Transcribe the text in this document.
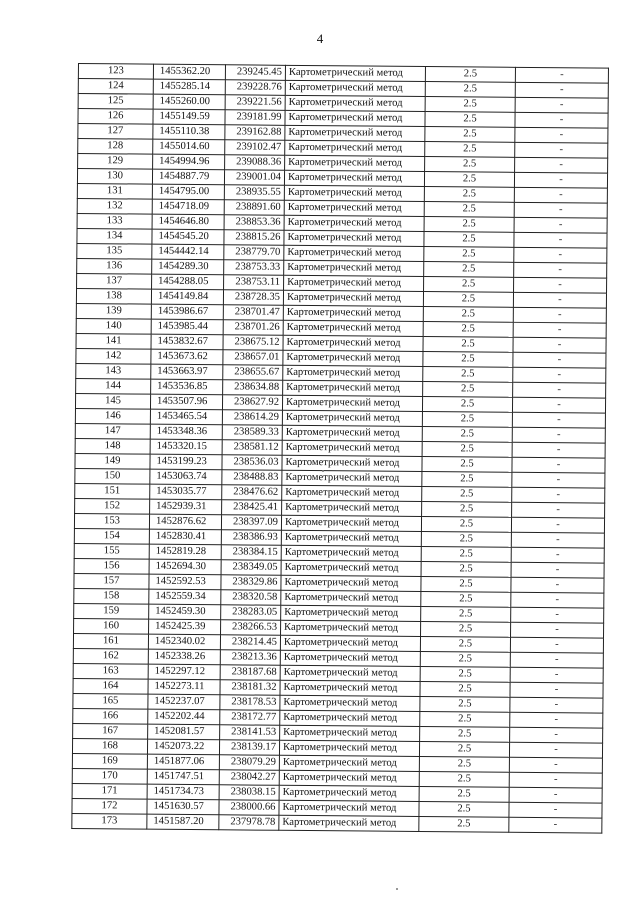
4
123	1455362.20	239245.45	Картометрический метод	2.5	-
124	1455285.14	239228.76	Картометрический метод	2.5	-
125	1455260.00	239221.56	Картометрический метод	2.5	-
126	1455149.59	239181.99	Картометрический метод	2.5	-
127	1455110.38	239162.88	Картометрический метод	2.5	-
128	1455014.60	239102.47	Картометрический метод	2.5	-
129	1454994.96	239088.36	Картометрический метод	2.5	-
130	1454887.79	239001.04	Картометрический метод	2.5	-
131	1454795.00	238935.55	Картометрический метод	2.5	-
132	1454718.09	238891.60	Картометрический метод	2.5	-
133	1454646.80	238853.36	Картометрический метод	2.5	-
134	1454545.20	238815.26	Картометрический метод	2.5	-
135	1454442.14	238779.70	Картометрический метод	2.5	-
136	1454289.30	238753.33	Картометрический метод	2.5	-
137	1454288.05	238753.11	Картометрический метод	2.5	-
138	1454149.84	238728.35	Картометрический метод	2.5	-
139	1453986.67	238701.47	Картометрический метод	2.5	-
140	1453985.44	238701.26	Картометрический метод	2.5	-
141	1453832.67	238675.12	Картометрический метод	2.5	-
142	1453673.62	238657.01	Картометрический метод	2.5	-
143	1453663.97	238655.67	Картометрический метод	2.5	-
144	1453536.85	238634.88	Картометрический метод	2.5	-
145	1453507.96	238627.92	Картометрический метод	2.5	-
146	1453465.54	238614.29	Картометрический метод	2.5	-
147	1453348.36	238589.33	Картометрический метод	2.5	-
148	1453320.15	238581.12	Картометрический метод	2.5	-
149	1453199.23	238536.03	Картометрический метод	2.5	-
150	1453063.74	238488.83	Картометрический метод	2.5	-
151	1453035.77	238476.62	Картометрический метод	2.5	-
152	1452939.31	238425.41	Картометрический метод	2.5	-
153	1452876.62	238397.09	Картометрический метод	2.5	-
154	1452830.41	238386.93	Картометрический метод	2.5	-
155	1452819.28	238384.15	Картометрический метод	2.5	-
156	1452694.30	238349.05	Картометрический метод	2.5	-
157	1452592.53	238329.86	Картометрический метод	2.5	-
158	1452559.34	238320.58	Картометрический метод	2.5	-
159	1452459.30	238283.05	Картометрический метод	2.5	-
160	1452425.39	238266.53	Картометрический метод	2.5	-
161	1452340.02	238214.45	Картометрический метод	2.5	-
162	1452338.26	238213.36	Картометрический метод	2.5	-
163	1452297.12	238187.68	Картометрический метод	2.5	-
164	1452273.11	238181.32	Картометрический метод	2.5	-
165	1452237.07	238178.53	Картометрический метод	2.5	-
166	1452202.44	238172.77	Картометрический метод	2.5	-
167	1452081.57	238141.53	Картометрический метод	2.5	-
168	1452073.22	238139.17	Картометрический метод	2.5	-
169	1451877.06	238079.29	Картометрический метод	2.5	-
170	1451747.51	238042.27	Картометрический метод	2.5	-
171	1451734.73	238038.15	Картометрический метод	2.5	-
172	1451630.57	238000.66	Картометрический метод	2.5	-
173	1451587.20	237978.78	Картометрический метод	2.5	-
